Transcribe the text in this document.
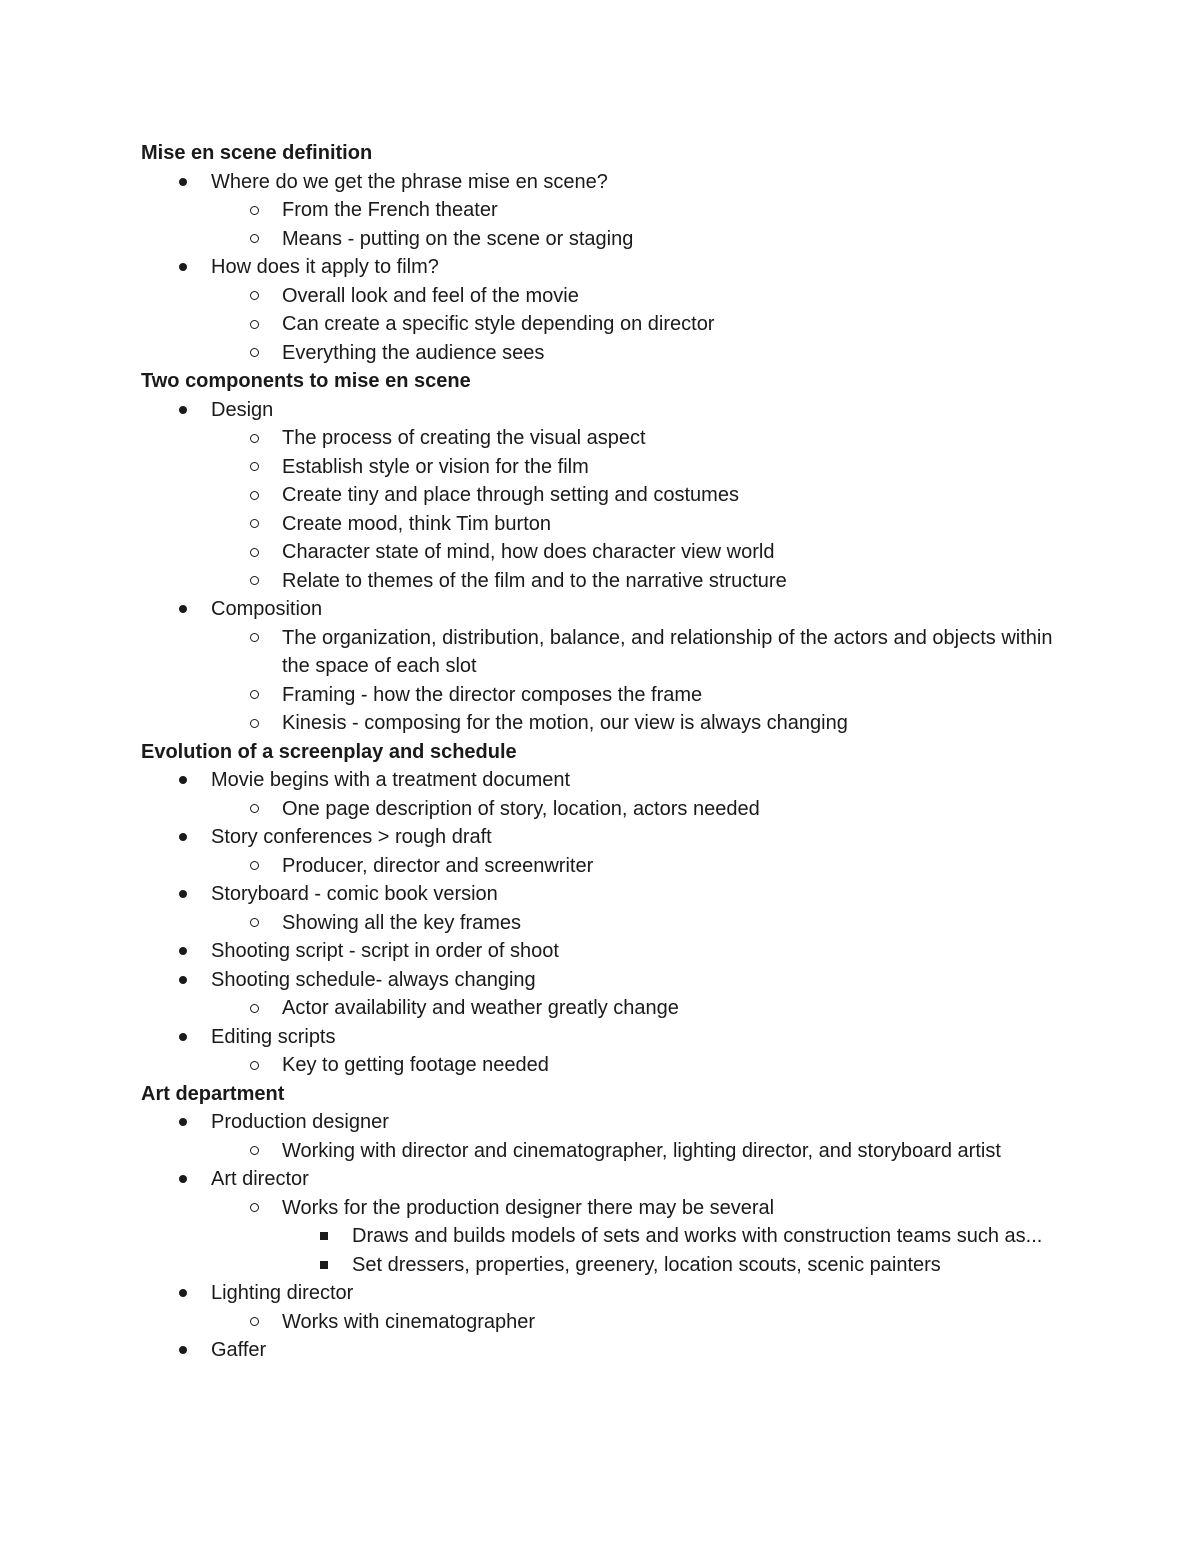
Mise en scene definition
Where do we get the phrase mise en scene?
From the French theater
Means - putting on the scene or staging
How does it apply to film?
Overall look and feel of the movie
Can create a specific style depending on director
Everything the audience sees
Two components to mise en scene
Design
The process of creating the visual aspect
Establish style or vision for the film
Create tiny and place through setting and costumes
Create mood, think Tim burton
Character state of mind, how does character view world
Relate to themes of the film and to the narrative structure
Composition
The organization, distribution, balance, and relationship of the actors and objects within the space of each slot
Framing - how the director composes the frame
Kinesis - composing for the motion, our view is always changing
Evolution of a screenplay and schedule
Movie begins with a treatment document
One page description of story, location, actors needed
Story conferences > rough draft
Producer, director and screenwriter
Storyboard - comic book version
Showing all the key frames
Shooting script - script in order of shoot
Shooting schedule- always changing
Actor availability and weather greatly change
Editing scripts
Key to getting footage needed
Art department
Production designer
Working with director and cinematographer, lighting director, and storyboard artist
Art director
Works for the production designer there may be several
Draws and builds models of sets and works with construction teams such as...
Set dressers, properties, greenery, location scouts, scenic painters
Lighting director
Works with cinematographer
Gaffer
